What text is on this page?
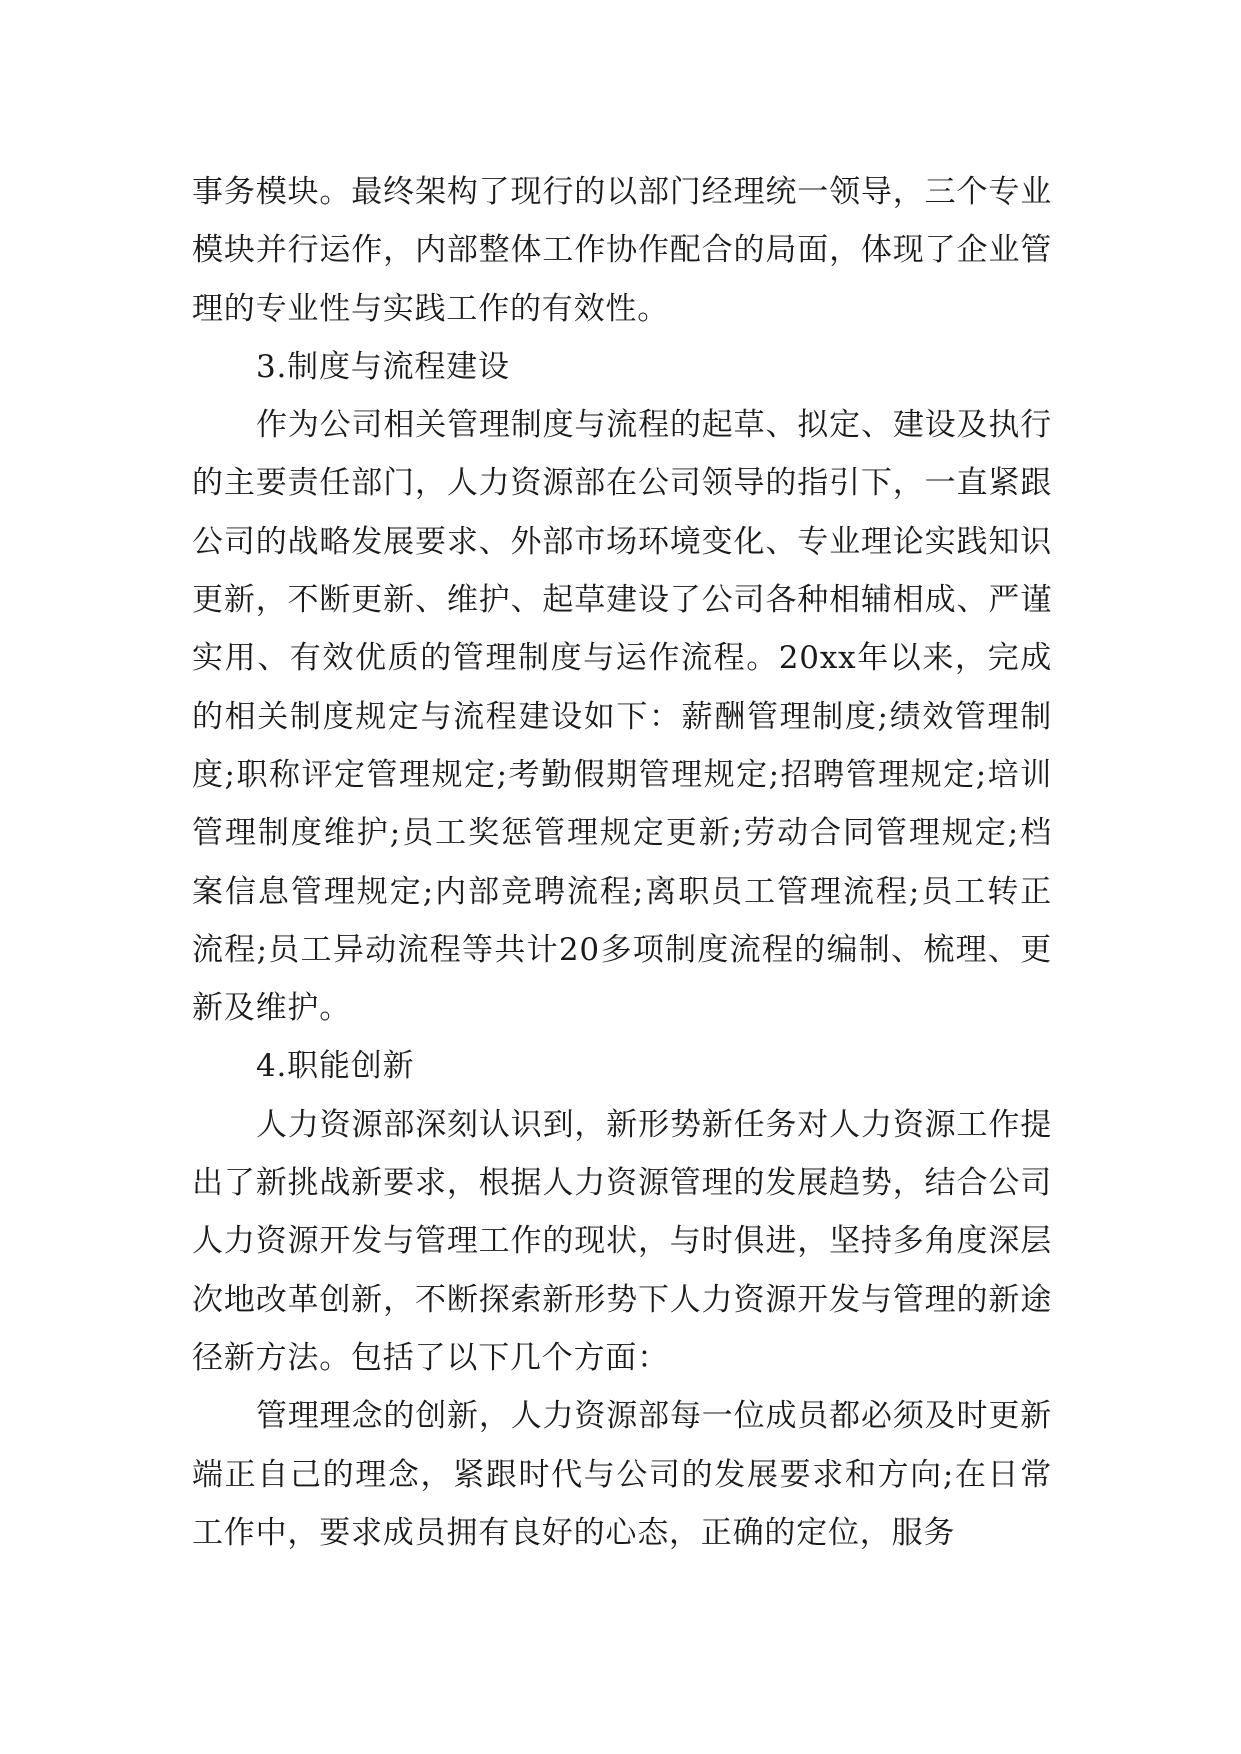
事务模块。最终架构了现行的以部门经理统一领导，三个专业模块并行运作，内部整体工作协作配合的局面，体现了企业管理的专业性与实践工作的有效性。

3.制度与流程建设

作为公司相关管理制度与流程的起草、拟定、建设及执行的主要责任部门，人力资源部在公司领导的指引下，一直紧跟公司的战略发展要求、外部市场环境变化、专业理论实践知识更新，不断更新、维护、起草建设了公司各种相辅相成、严谨实用、有效优质的管理制度与运作流程。20xx年以来，完成的相关制度规定与流程建设如下：薪酬管理制度;绩效管理制度;职称评定管理规定;考勤假期管理规定;招聘管理规定;培训管理制度维护;员工奖惩管理规定更新;劳动合同管理规定;档案信息管理规定;内部竞聘流程;离职员工管理流程;员工转正流程;员工异动流程等共计20多项制度流程的编制、梳理、更新及维护。

4.职能创新

人力资源部深刻认识到，新形势新任务对人力资源工作提出了新挑战新要求，根据人力资源管理的发展趋势，结合公司人力资源开发与管理工作的现状，与时俱进，坚持多角度深层次地改革创新，不断探索新形势下人力资源开发与管理的新途径新方法。包括了以下几个方面：

管理理念的创新，人力资源部每一位成员都必须及时更新端正自己的理念，紧跟时代与公司的发展要求和方向;在日常工作中，要求成员拥有良好的心态，正确的定位，服务
